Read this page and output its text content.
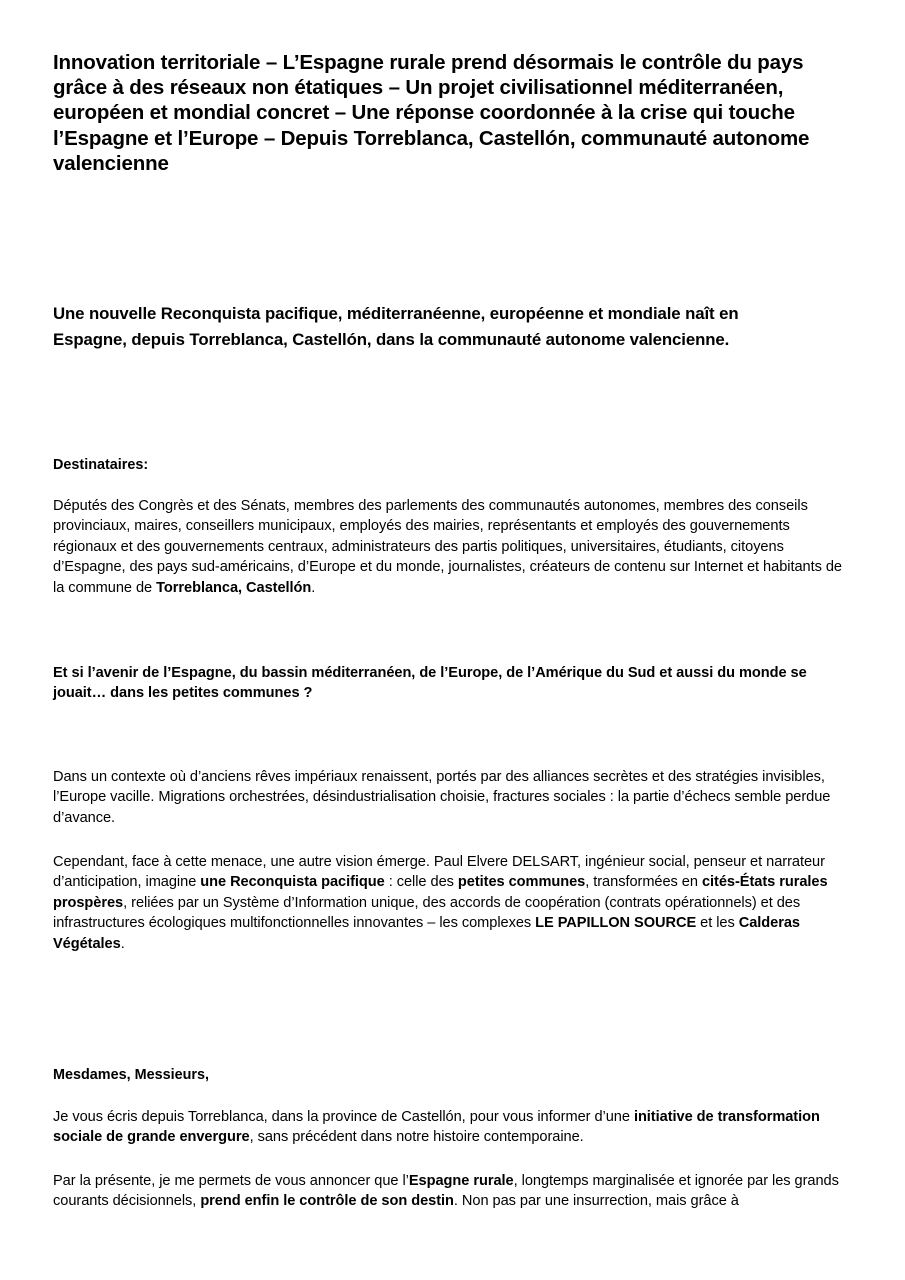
Innovation territoriale – L’Espagne rurale prend désormais le contrôle du pays grâce à des réseaux non étatiques – Un projet civilisationnel méditerranéen, européen et mondial concret – Une réponse coordonnée à la crise qui touche l’Espagne et l’Europe – Depuis Torreblanca, Castellón, communauté autonome valencienne

Une nouvelle Reconquista pacifique, méditerranéenne, européenne et mondiale naît en Espagne, depuis Torreblanca, Castellón, dans la communauté autonome valencienne.

Destinataires:

Députés des Congrès et des Sénats, membres des parlements des communautés autonomes, membres des conseils provinciaux, maires, conseillers municipaux, employés des mairies, représentants et employés des gouvernements régionaux et des gouvernements centraux, administrateurs des partis politiques, universitaires, étudiants, citoyens d’Espagne, des pays sud-américains, d’Europe et du monde, journalistes, créateurs de contenu sur Internet et habitants de la commune de Torreblanca, Castellón.

Et si l’avenir de l’Espagne, du bassin méditerranéen, de l’Europe, de l’Amérique du Sud et aussi du monde se jouait… dans les petites communes ?

Dans un contexte où d’anciens rêves impériaux renaissent, portés par des alliances secrètes et des stratégies invisibles, l’Europe vacille. Migrations orchestrées, désindustrialisation choisie, fractures sociales : la partie d’échecs semble perdue d’avance.

Cependant, face à cette menace, une autre vision émerge. Paul Elvere DELSART, ingénieur social, penseur et narrateur d’anticipation, imagine une Reconquista pacifique : celle des petites communes, transformées en cités-États rurales prospères, reliées par un Système d’Information unique, des accords de coopération (contrats opérationnels) et des infrastructures écologiques multifonctionnelles innovantes – les complexes LE PAPILLON SOURCE et les Calderas Végétales.

Mesdames, Messieurs,

Je vous écris depuis Torreblanca, dans la province de Castellón, pour vous informer d’une initiative de transformation sociale de grande envergure, sans précédent dans notre histoire contemporaine.

Par la présente, je me permets de vous annoncer que l’Espagne rurale, longtemps marginalisée et ignorée par les grands courants décisionnels, prend enfin le contrôle de son destin. Non pas par une insurrection, mais grâce à
